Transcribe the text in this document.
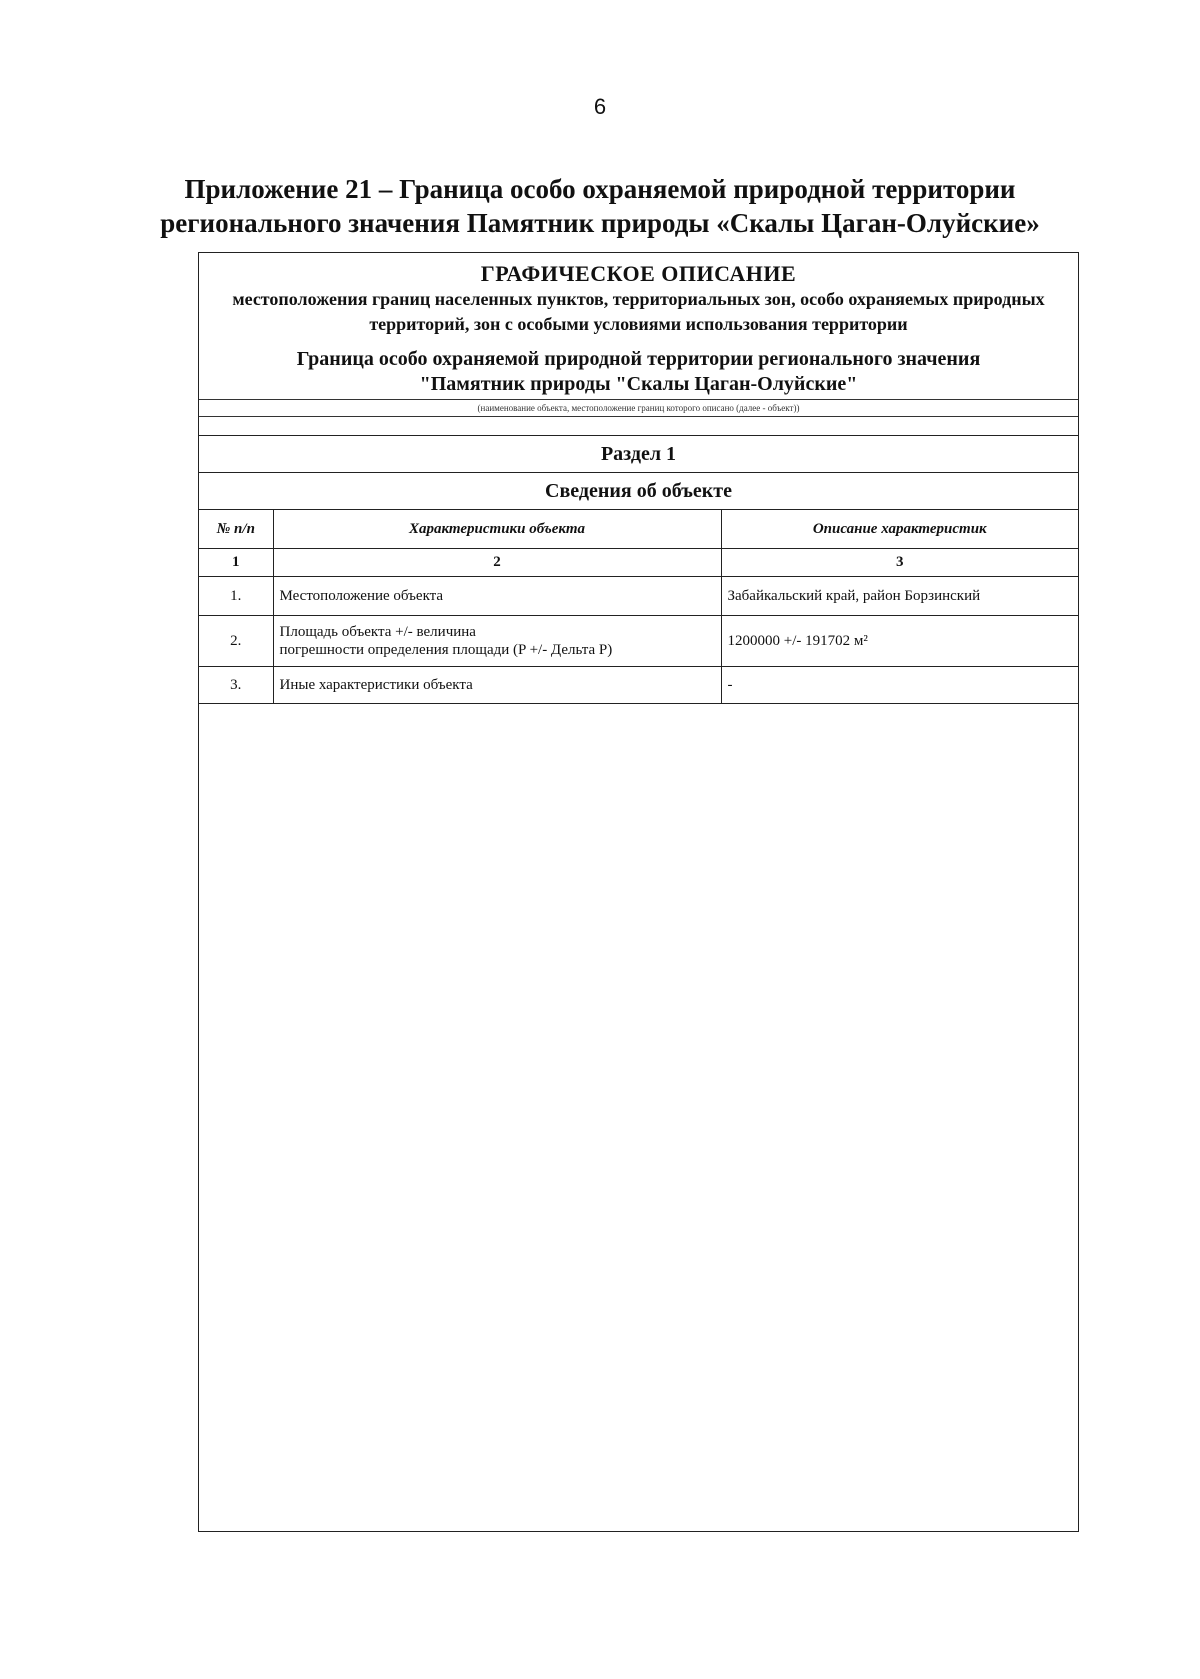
6
Приложение 21 – Граница особо охраняемой природной территории
регионального значения Памятник природы «Скалы Цаган-Олуйские»
ГРАФИЧЕСКОЕ ОПИСАНИЕ
местоположения границ населенных пунктов, территориальных зон, особо охраняемых природных территорий, зон с особыми условиями использования территории
Граница особо охраняемой природной территории регионального значения
"Памятник природы "Скалы Цаган-Олуйские"
(наименование объекта, местоположение границ которого описано (далее - объект))
Раздел 1
Сведения об объекте
№ п/п	Характеристики объекта	Описание характеристик
1	2	3
1.	Местоположение объекта	Забайкальский край, район Борзинский
2.	Площадь объекта +/- величина
погрешности определения площади (P +/- Дельта P)	1200000 +/- 191702 м²
3.	Иные характеристики объекта	-
